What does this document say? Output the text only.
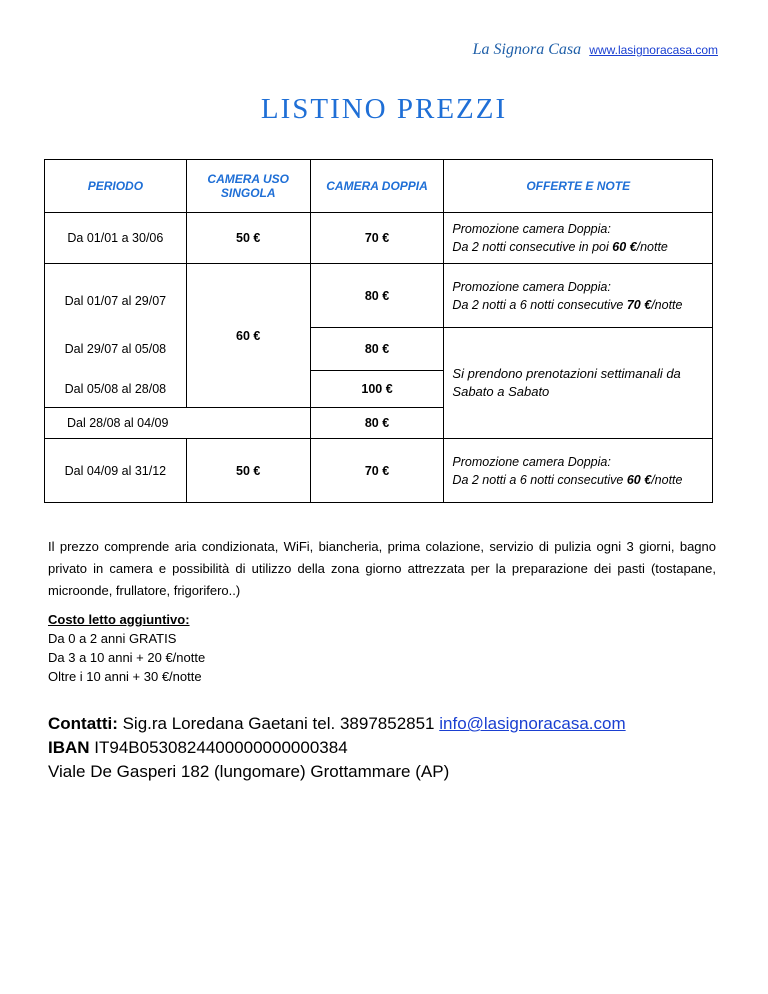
La Signora Casa www.lasignoracasa.com
LISTINO PREZZI
PERIODO	CAMERA USO SINGOLA	CAMERA DOPPIA	OFFERTE E NOTE
Da 01/01 a 30/06	50 €	70 €	Promozione camera Doppia:
Da 2 notti consecutive in poi 60 €/notte
Dal 01/07 al 29/07	60 €	80 €	Promozione camera Doppia:
Da 2 notti a 6 notti consecutive 70 €/notte
Dal 29/07 al 05/08		80 €	Si prendono prenotazioni settimanali da Sabato a Sabato
Dal 05/08 al 28/08		100 €	
Dal 28/08 al 04/09		80 €	
Dal 04/09 al 31/12	50 €	70 €	Promozione camera Doppia:
Da 2 notti a 6 notti consecutive 60 €/notte
Il prezzo comprende aria condizionata, WiFi, biancheria, prima colazione, servizio di pulizia ogni 3 giorni, bagno privato in camera e possibilità di utilizzo della zona giorno attrezzata per la preparazione dei pasti (tostapane, microonde, frullatore, frigorifero..)
Costo letto aggiuntivo:
Da 0 a 2 anni GRATIS
Da 3 a 10 anni + 20 €/notte
Oltre i 10 anni + 30 €/notte
Contatti: Sig.ra Loredana Gaetani tel. 3897852851 info@lasignoracasa.com
IBAN IT94B0530824400000000000384
Viale De Gasperi 182 (lungomare) Grottammare (AP)
